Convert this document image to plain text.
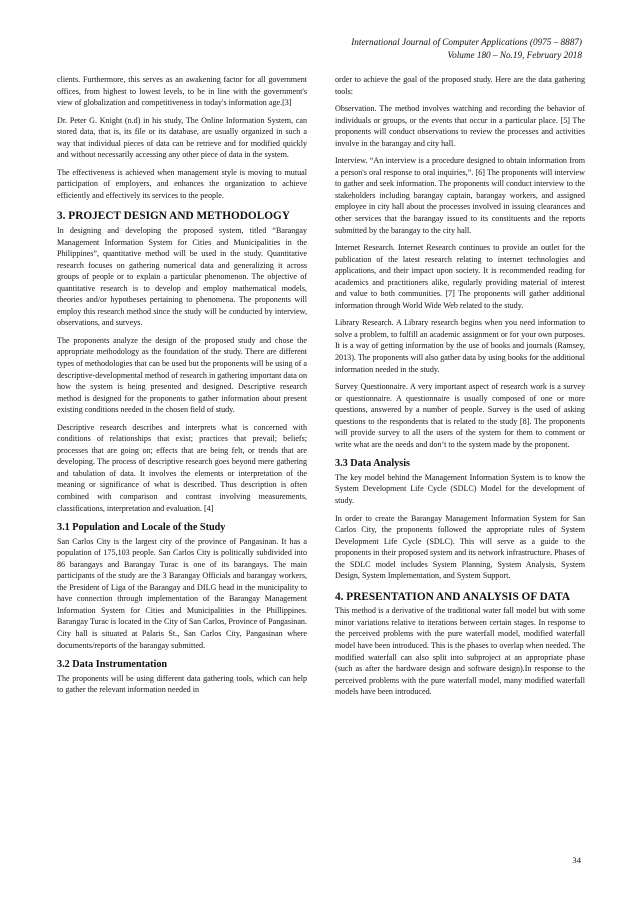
International Journal of Computer Applications (0975 – 8887)
Volume 180 – No.19, February 2018

clients. Furthermore, this serves as an awakening factor for all government offices, from highest to lowest levels, to be in line with the government's view of globalization and competitiveness in today's information age.[3]

Dr. Peter G. Knight (n.d) in his study, The Online Information System, can stored data, that is, its file or its database, are usually organized in such a way that individual pieces of data can be retrieve and for modified quickly and without necessarily accessing any other piece of data in the system.

The effectiveness is achieved when management style is moving to mutual participation of employers, and enhances the organization to achieve efficiently and effectively its services to the people.

3. PROJECT DESIGN AND METHODOLOGY

In designing and developing the proposed system, titled “Barangay Management Information System for Cities and Municipalities in the Philippines”, quantitative method will be used in the study. Quantitative research focuses on gathering numerical data and generalizing it across groups of people or to explain a particular phenomenon. The objective of quantitative research is to develop and employ mathematical models, theories and/or hypotheses pertaining to phenomena. The proponents will employ this research method since the study will be conducted by interview, observations, and surveys.

The proponents analyze the design of the proposed study and chose the appropriate methodology as the foundation of the study. There are different types of methodologies that can be used but the proponents will be using of a descriptive-developmental method of research in gathering important data on how the system is being presented and designed. Descriptive research method is designed for the proponents to gather information about present existing conditions needed in the chosen field of study.

Descriptive research describes and interprets what is concerned with conditions of relationships that exist; practices that prevail; beliefs; processes that are going on; effects that are being felt, or trends that are developing. The process of descriptive research goes beyond mere gathering and tabulation of data. It involves the elements or interpretation of the meaning or significance of what is described. Thus description is often combined with comparison and contrast involving measurements, classifications, interpretation and evaluation. [4]

3.1 Population and Locale of the Study

San Carlos City is the largest city of the province of Pangasinan. It has a population of 175,103 people. San Carlos City is politically subdivided into 86 barangays and Barangay Turac is one of its barangays. The main participants of the study are the 3 Barangay Officials and barangay workers, the President of Liga of the Barangay and DILG head in the municipality to have connection through implementation of the Barangay Management Information System for Cities and Municipalities in the Phillippines. Barangay Turac is located in the City of San Carlos, Province of Pangasinan. City hall is situated at Palaris St., San Carlos City, Pangasinan where documents/reports of the barangay submitted.

3.2 Data Instrumentation

The proponents will be using different data gathering tools, which can help to gather the relevant information needed in

order to achieve the goal of the proposed study. Here are the data gathering tools:

Observation. The method involves watching and recording the behavior of individuals or groups, or the events that occur in a particular place. [5] The proponents will conduct observations to review the processes and activities involve in the barangay and city hall.

Interview. “An interview is a procedure designed to obtain information from a person's oral response to oral inquiries,”. [6] The proponents will interview to gather and seek information. The proponents will conduct interview to the stakeholders including barangay captain, barangay workers, and assigned employee in city hall about the processes involved in issuing clearances and other services that the barangay issued to its constituents and the reports submitted by the barangay to the city hall.

Internet Research. Internet Research continues to provide an outlet for the publication of the latest research relating to internet technologies and applications, and their impact upon society. It is recommended reading for academics and practitioners alike, regularly providing material of interest and value to both communities. [7] The proponents will gather additional information through World Wide Web related to the study.

Library Research. A Library research begins when you need information to solve a problem, to fulfill an academic assignment or for your own purposes. It is a way of getting information by the use of books and journals (Ramsey, 2013). The proponents will also gather data by using books for the additional information needed in the study.

Survey Questionnaire. A very important aspect of research work is a survey or questionnaire. A questionnaire is usually composed of one or more questions, answered by a number of people. Survey is the used of asking questions to the respondents that is related to the study [8]. The proponents will provide survey to all the users of the system for them to comment or write what are the needs and don’t to the system made by the proponent.

3.3 Data Analysis

The key model behind the Management Information System is to know the System Development Life Cycle (SDLC) Model for the development of study.

In order to create the Barangay Management Information System for San Carlos City, the proponents followed the appropriate rules of System Development Life Cycle (SDLC). This will serve as a guide to the proponents in their proposed system and its network infrastructure. Phases of the SDLC model includes System Planning, System Analysis, System Design, System Implementation, and System Support.

4. PRESENTATION AND ANALYSIS OF DATA

This method is a derivative of the traditional water fall model but with some minor variations relative to iterations between certain stages. In response to the perceived problems with the pure waterfall model, modified waterfall model have been introduced. This is the phases to overlap when needed. The modified waterfall can also split into subproject at an appropriate phase (such as after the hardware design and software design).In response to the perceived problems with the pure waterfall model, many modified waterfall models have been introduced.

34
